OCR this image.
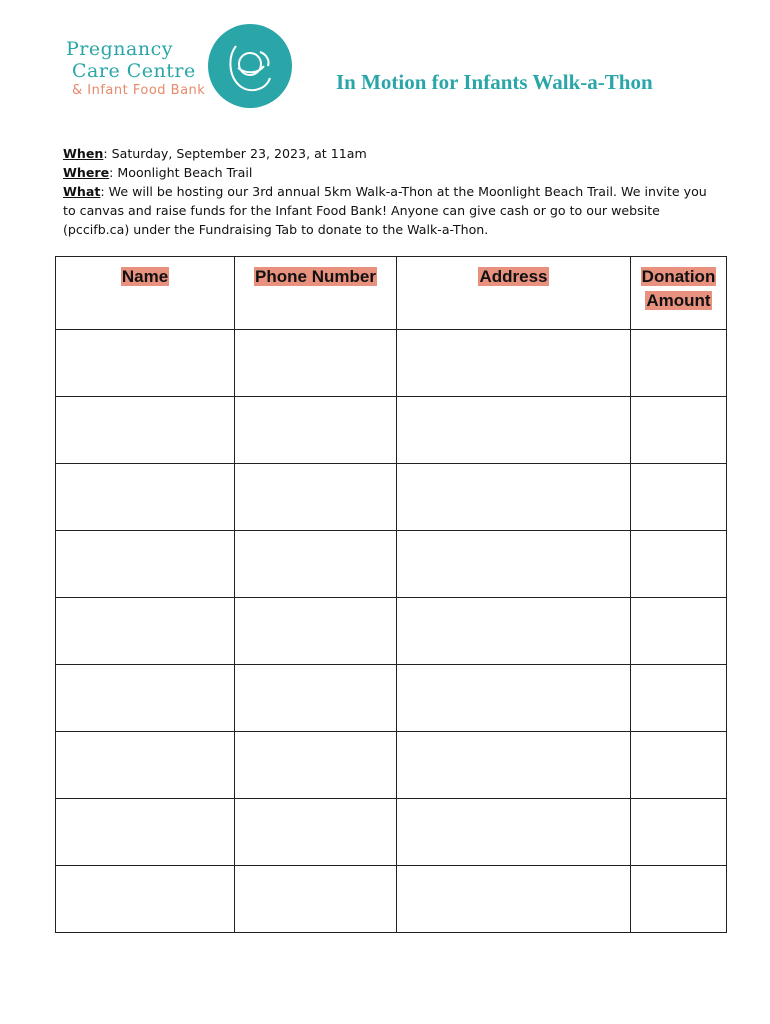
Pregnancy
Care Centre
& Infant Food Bank	In Motion for Infants Walk-a-Thon
When: Saturday, September 23, 2023, at 11am
Where: Moonlight Beach Trail
What: We will be hosting our 3rd annual 5km Walk-a-Thon at the Moonlight Beach Trail. We invite you to canvas and raise funds for the Infant Food Bank! Anyone can give cash or go to our website (pccifb.ca) under the Fundraising Tab to donate to the Walk-a-Thon.
Name	Phone Number	Address	Donation
Amount
